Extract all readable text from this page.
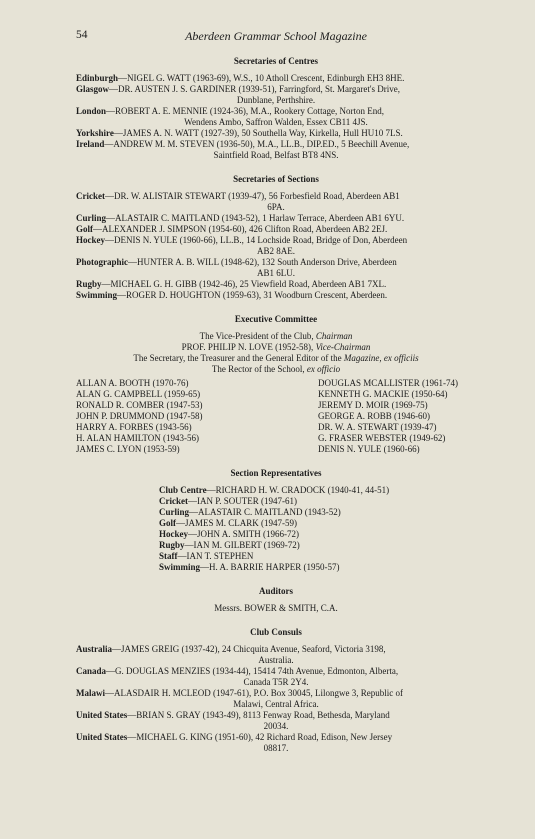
54	Aberdeen Grammar School Magazine
Secretaries of Centres

Edinburgh—NIGEL G. WATT (1963-69), W.S., 10 Atholl Crescent, Edinburgh EH3 8HE.

Glasgow—DR. AUSTEN J. S. GARDINER (1939-51), Farringford, St. Margaret's Drive,
Dunblane, Perthshire.

London—ROBERT A. E. MENNIE (1924-36), M.A., Rookery Cottage, Norton End,
Wendens Ambo, Saffron Walden, Essex CB11 4JS.

Yorkshire—JAMES A. N. WATT (1927-39), 50 Southella Way, Kirkella, Hull HU10 7LS.

Ireland—ANDREW M. M. STEVEN (1936-50), M.A., LL.B., DIP.ED., 5 Beechill Avenue,
Saintfield Road, Belfast BT8 4NS.

Secretaries of Sections

Cricket—DR. W. ALISTAIR STEWART (1939-47), 56 Forbesfield Road, Aberdeen AB1
6PA.

Curling—ALASTAIR C. MAITLAND (1943-52), 1 Harlaw Terrace, Aberdeen AB1 6YU.

Golf—ALEXANDER J. SIMPSON (1954-60), 426 Clifton Road, Aberdeen AB2 2EJ.

Hockey—DENIS N. YULE (1960-66), LL.B., 14 Lochside Road, Bridge of Don, Aberdeen
AB2 8AE.

Photographic—HUNTER A. B. WILL (1948-62), 132 South Anderson Drive, Aberdeen
AB1 6LU.

Rugby—MICHAEL G. H. GIBB (1942-46), 25 Viewfield Road, Aberdeen AB1 7XL.

Swimming—ROGER D. HOUGHTON (1959-63), 31 Woodburn Crescent, Aberdeen.

Executive Committee
The Vice-President of the Club, Chairman
PROF. PHILIP N. LOVE (1952-58), Vice-Chairman
The Secretary, the Treasurer and the General Editor of the Magazine, ex officiis
The Rector of the School, ex officio
ALLAN A. BOOTH (1970-76)
ALAN G. CAMPBELL (1959-65)
RONALD R. COMBER (1947-53)
JOHN P. DRUMMOND (1947-58)
HARRY A. FORBES (1943-56)
H. ALAN HAMILTON (1943-56)
JAMES C. LYON (1953-59)
DOUGLAS MCALLISTER (1961-74)
KENNETH G. MACKIE (1950-64)
JEREMY D. MOIR (1969-75)
GEORGE A. ROBB (1946-60)
DR. W. A. STEWART (1939-47)
G. FRASER WEBSTER (1949-62)
DENIS N. YULE (1960-66)
Section Representatives
Club Centre—RICHARD H. W. CRADOCK (1940-41, 44-51)
Cricket—IAN P. SOUTER (1947-61)
Curling—ALASTAIR C. MAITLAND (1943-52)
Golf—JAMES M. CLARK (1947-59)
Hockey—JOHN A. SMITH (1966-72)
Rugby—IAN M. GILBERT (1969-72)
Staff—IAN T. STEPHEN
Swimming—H. A. BARRIE HARPER (1950-57)
Auditors
Messrs. BOWER & SMITH, C.A.
Club Consuls

Australia—JAMES GREIG (1937-42), 24 Chicquita Avenue, Seaford, Victoria 3198,
Australia.

Canada—G. DOUGLAS MENZIES (1934-44), 15414 74th Avenue, Edmonton, Alberta,
Canada T5R 2Y4.

Malawi—ALASDAIR H. MCLEOD (1947-61), P.O. Box 30045, Lilongwe 3, Republic of
Malawi, Central Africa.

United States—BRIAN S. GRAY (1943-49), 8113 Fenway Road, Bethesda, Maryland
20034.

United States—MICHAEL G. KING (1951-60), 42 Richard Road, Edison, New Jersey
08817.
